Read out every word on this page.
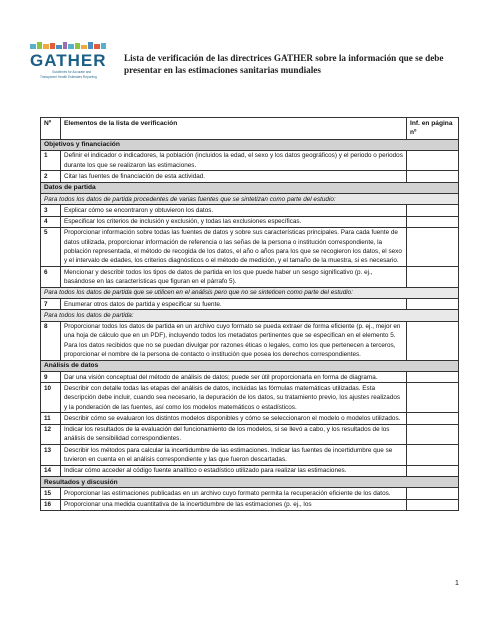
GATHER
Guidelines for Accurate and
Transparent Health Estimates Reporting
Lista de verificación de las directrices GATHER sobre la información que se debe presentar en las estimaciones sanitarias mundiales
Nº	Elementos de la lista de verificación	Inf. en página nº
Objetivos y financiación		
1	Definir el indicador o indicadores, la población (incluidos la edad, el sexo y los datos geográficos) y el periodo o periodos durante los que se realizaron las estimaciones.	
2	Citar las fuentes de financiación de esta actividad.	
Datos de partida		
Para todos los datos de partida procedentes de varias fuentes que se sintetizan como parte del estudio:		
3	Explicar cómo se encontraron y obtuvieron los datos.	
4	Especificar los criterios de inclusión y exclusión, y todas las exclusiones específicas.	
5	Proporcionar información sobre todas las fuentes de datos y sobre sus características principales. Para cada fuente de datos utilizada, proporcionar información de referencia o las señas de la persona o institución correspondiente, la población representada, el método de recogida de los datos, el año o años para los que se recogieron los datos, el sexo y el intervalo de edades, los criterios diagnósticos o el método de medición, y el tamaño de la muestra, si es necesario.	
6	Mencionar y describir todos los tipos de datos de partida en los que puede haber un sesgo significativo (p. ej., basándose en las características que figuran en el párrafo 5).	
Para todos los datos de partida que se utilicen en el análisis pero que no se sinteticen como parte del estudio:		
7	Enumerar otros datos de partida y especificar su fuente.	
Para todos los datos de partida:		
8	Proporcionar todos los datos de partida en un archivo cuyo formato se pueda extraer de forma eficiente (p. ej., mejor en una hoja de cálculo que en un PDF), incluyendo todos los metadatos pertinentes que se especifican en el elemento 5. Para los datos recibidos que no se puedan divulgar por razones éticas o legales, como los que pertenecen a terceros, proporcionar el nombre de la persona de contacto o institución que posea los derechos correspondientes.	
Análisis de datos		
9	Dar una visión conceptual del método de análisis de datos; puede ser útil proporcionarla en forma de diagrama.	
10	Describir con detalle todas las etapas del análisis de datos, incluidas las fórmulas matemáticas utilizadas. Esta descripción debe incluir, cuando sea necesario, la depuración de los datos, su tratamiento previo, los ajustes realizados y la ponderación de las fuentes, así como los modelos matemáticos o estadísticos.	
11	Describir cómo se evaluaron los distintos modelos disponibles y cómo se seleccionaron el modelo o modelos utilizados.	
12	Indicar los resultados de la evaluación del funcionamiento de los modelos, si se llevó a cabo, y los resultados de los análisis de sensibilidad correspondientes.	
13	Describir los métodos para calcular la incertidumbre de las estimaciones. Indicar las fuentes de incertidumbre que se tuvieron en cuenta en el análisis correspondiente y las que fueron descartadas.	
14	Indicar cómo acceder al código fuente analítico o estadístico utilizado para realizar las estimaciones.	
Resultados y discusión		
15	Proporcionar las estimaciones publicadas en un archivo cuyo formato permita la recuperación eficiente de los datos.	
16	Proporcionar una medida cuantitativa de la incertidumbre de las estimaciones (p. ej., los	
1
